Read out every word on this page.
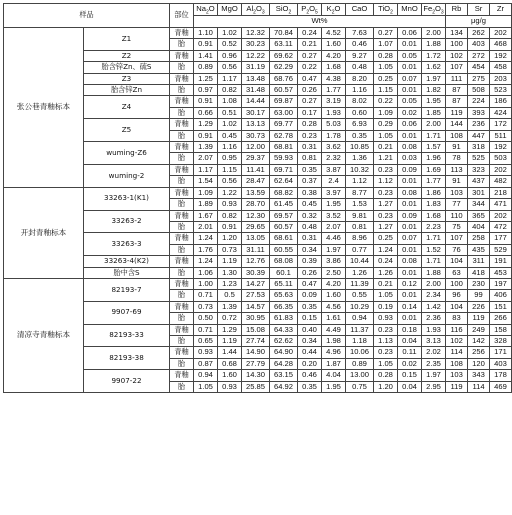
样品		部位	$Na_2O$	MgO	$Al_2O_3$	SiO$_2$	$P_2O_5$	$K_2O$	CaO	TiO$_2$	MnO	$Fe_2O_3$	Rb	Sr	Zr
			Wt%										μg/g		
张公巷青釉标本	Z1	青釉	1.10	1.02	12.32	70.84	0.24	4.52	7.63	0.27	0.06	2.00	134	262	202
		胎	0.91	0.52	30.23	63.11	0.21	1.60	0.46	1.07	0.01	1.88	100	403	468
	Z2	青釉	1.41	0.96	12.22	69.62	0.27	4.20	9.27	0.28	0.05	1.72	102	272	192
	胎含锌Zn、硫S	胎	0.89	0.56	31.19	62.29	0.22	1.68	0.48	1.05	0.01	1.62	107	454	458
	Z3	青釉	1.25	1.17	13.48	68.76	0.47	4.38	8.20	0.25	0.07	1.97	111	275	203
	胎含锌Zn	胎	0.97	0.82	31.48	60.57	0.26	1.77	1.16	1.15	0.01	1.82	87	508	523
	Z4	青釉	0.91	1.08	14.44	69.87	0.27	3.19	8.02	0.22	0.05	1.95	87	224	186
		胎	0.66	0.51	30.17	63.00	0.17	1.93	0.60	1.09	0.02	1.85	119	393	424
	Z5	青釉	1.29	1.02	13.13	69.77	0.28	5.03	6.93	0.29	0.06	2.00	144	236	172
		胎	0.91	0.45	30.73	62.78	0.23	1.78	0.35	1.05	0.01	1.71	108	447	511
	wuming-Z6	青釉	1.39	1.16	12.00	68.81	0.31	3.62	10.85	0.21	0.08	1.57	91	318	192
		胎	2.07	0.95	29.37	59.93	0.81	2.32	1.36	1.21	0.03	1.96	78	525	503
	wuming-2	青釉	1.17	1.15	11.41	69.71	0.35	3.87	10.32	0.23	0.09	1.69	113	323	202
		胎	1.54	0.56	28.47	62.64	0.37	2.4	1.12	1.12	0.01	1.77	91	437	482
开封青釉标本	33263-1(K1)	青釉	1.09	1.22	13.59	68.82	0.38	3.97	8.77	0.23	0.08	1.86	103	301	218
		胎	1.89	0.93	28.70	61.45	0.45	1.95	1.53	1.27	0.01	1.83	77	344	471
	33263-2	青釉	1.67	0.82	12.30	69.57	0.32	3.52	9.81	0.23	0.09	1.68	110	365	202
		胎	2.01	0.91	29.65	60.57	0.48	2.07	0.81	1.27	0.01	2.23	75	404	472
	33263-3	青釉	1.24	1.20	13.05	68.61	0.31	4.46	8.96	0.25	0.07	1.71	107	258	177
		胎	1.76	0.73	31.11	60.55	0.34	1.97	0.77	1.24	0.01	1.52	76	435	529
	33263-4(K2)	青釉	1.24	1.19	12.76	68.08	0.39	3.86	10.44	0.24	0.08	1.71	104	311	191
	胎中含S	胎	1.06	1.30	30.39	60.1	0.26	2.50	1.26	1.26	0.01	1.88	63	418	453
清凉寺青釉标本	82193-7	青釉	1.00	1.23	14.27	65.11	0.47	4.20	11.39	0.21	0.12	2.00	100	230	197
		胎	0.71	0.5	27.53	65.63	0.09	1.60	0.55	1.05	0.01	2.34	96	99	406
	9907-69	青釉	0.73	1.39	14.57	66.35	0.35	4.56	10.29	0.19	0.14	1.42	104	226	151
		胎	0.50	0.72	30.95	61.83	0.15	1.61	0.94	0.93	0.01	2.36	83	119	266
	82193-33	青釉	0.71	1.29	15.08	64.33	0.40	4.49	11.37	0.23	0.18	1.93	116	249	158
		胎	0.65	1.19	27.74	62.62	0.34	1.98	1.18	1.13	0.04	3.13	102	142	328
	82193-38	青釉	0.93	1.44	14.90	64.90	0.44	4.96	10.06	0.23	0.11	2.02	114	256	171
		胎	0.87	0.68	27.79	64.28	0.20	1.87	0.89	1.05	0.02	2.35	108	120	403
	9907-22	青釉	0.94	1.60	14.30	63.15	0.46	4.04	13.00	0.28	0.15	1.97	103	343	178
		胎	1.05	0.93	25.85	64.92	0.35	1.95	0.75	1.20	0.04	2.95	119	114	469
